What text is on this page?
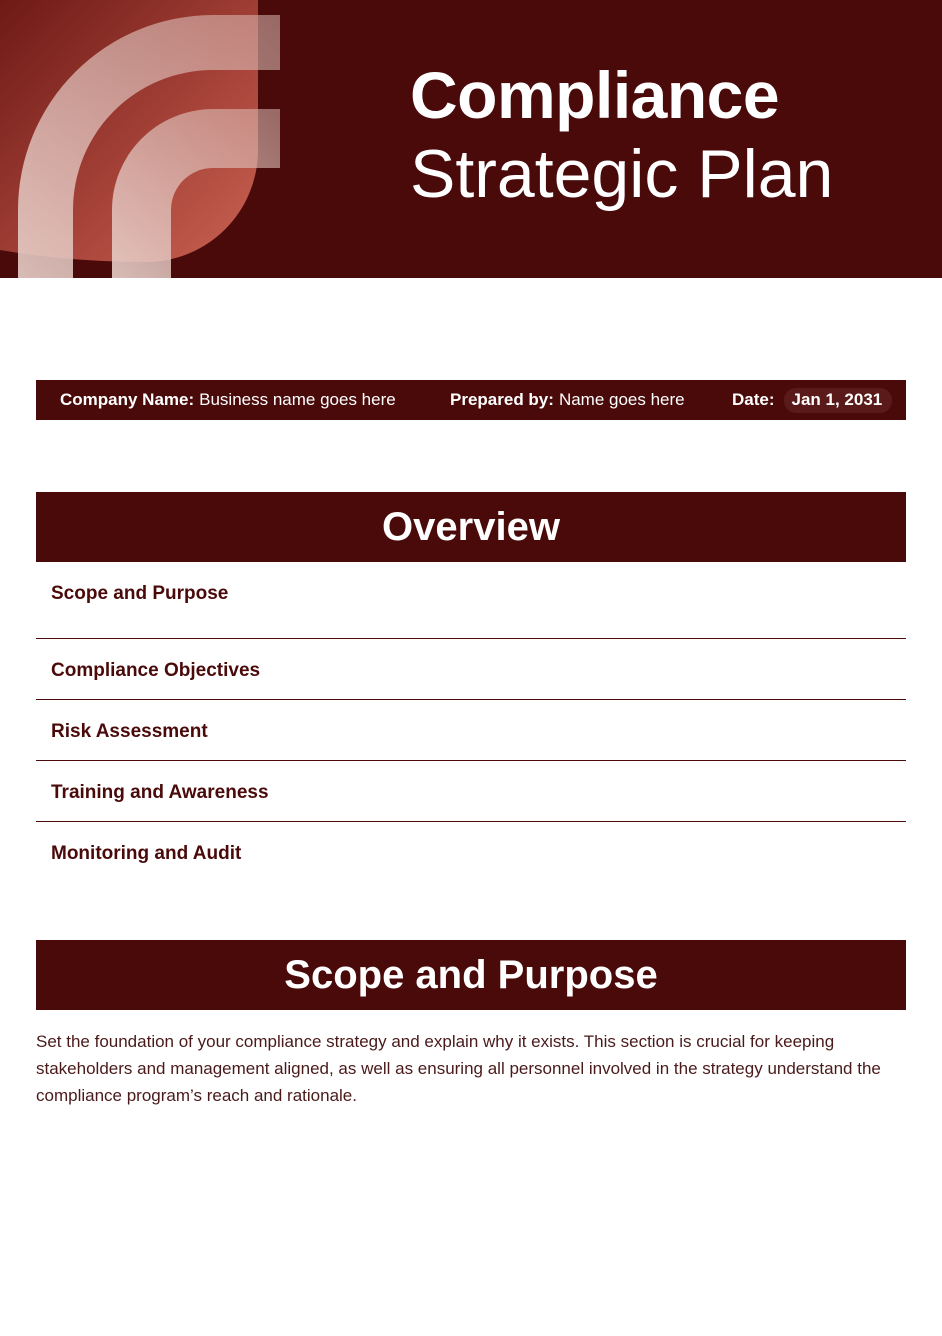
Compliance
Strategic Plan
Company Name: Business name goes here	Prepared by: Name goes here	Date:	Jan 1, 2031
Overview
Scope and Purpose
Compliance Objectives
Risk Assessment
Training and Awareness
Monitoring and Audit
Scope and Purpose

Set the foundation of your compliance strategy and explain why it exists. This section is crucial for keeping stakeholders and management aligned, as well as ensuring all personnel involved in the strategy understand the compliance program’s reach and rationale.
